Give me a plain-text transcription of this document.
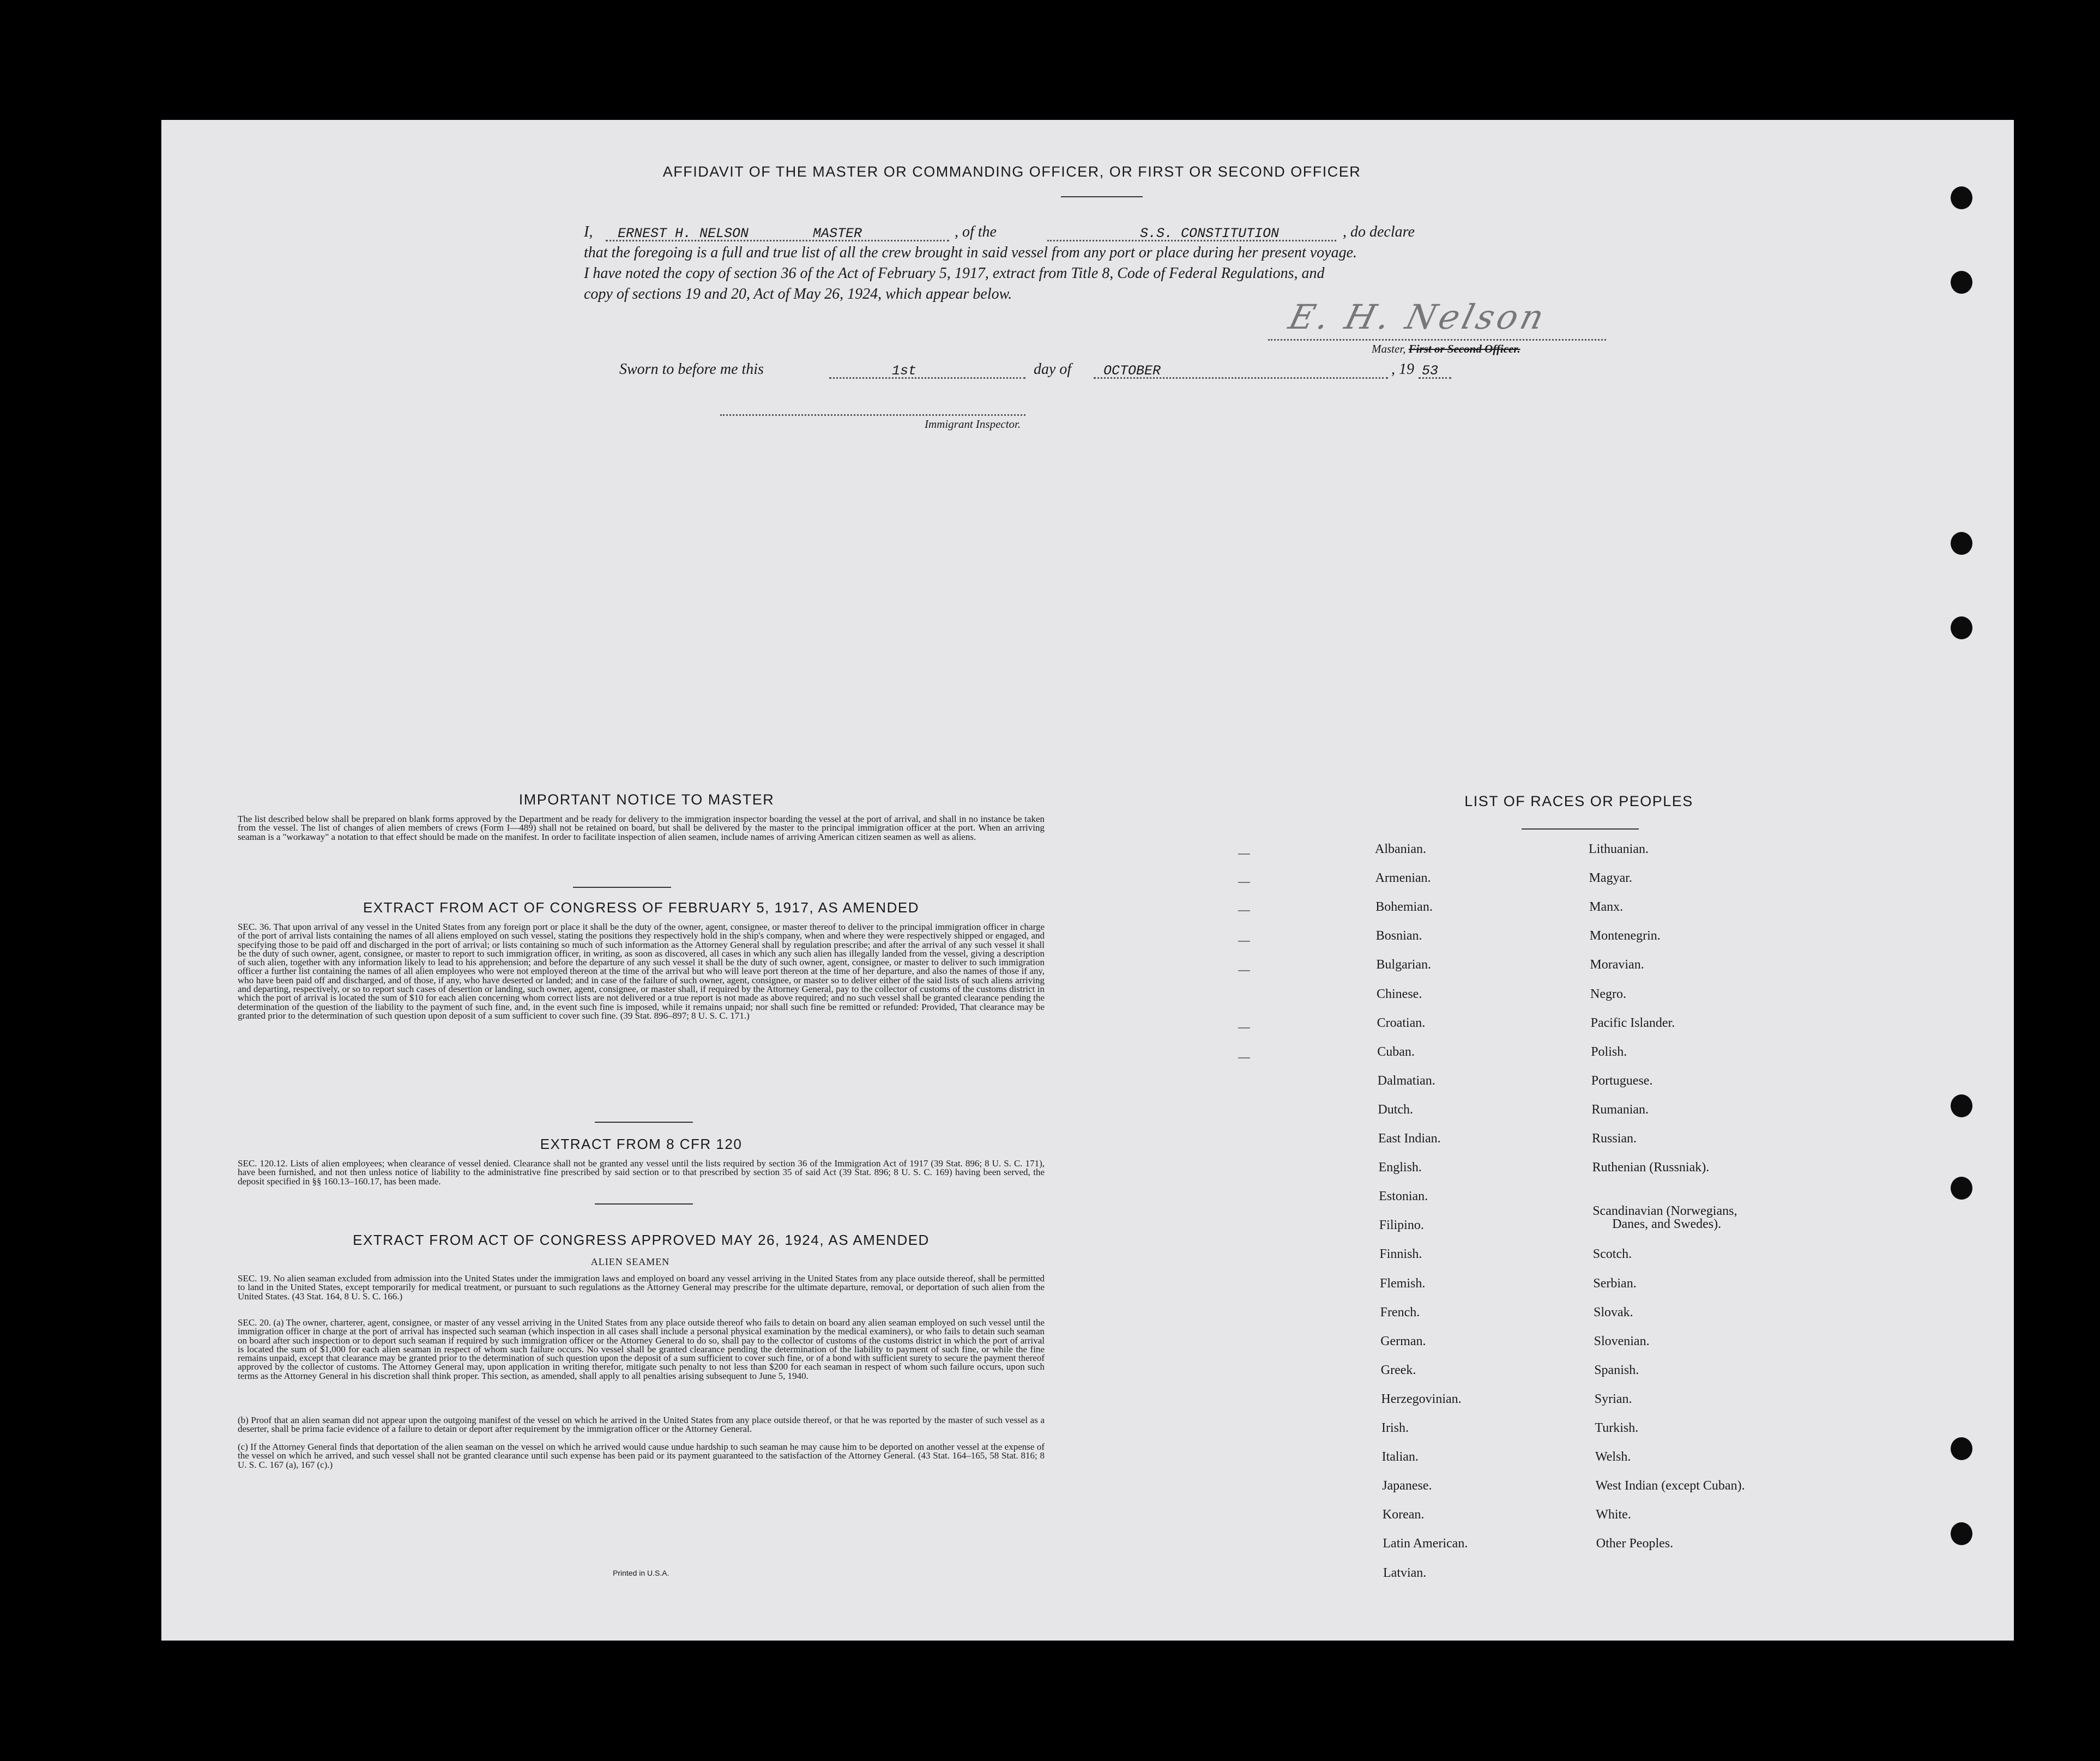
AFFIDAVIT OF THE MASTER OR COMMANDING OFFICER, OR FIRST OR SECOND OFFICER
I, ERNEST H. NELSON	MASTER	, of the	S.S. CONSTITUTION	, do declare
that the foregoing is a full and true list of all the crew brought in said vessel from any port or place during her present voyage.
I have noted the copy of section 36 of the Act of February 5, 1917, extract from Title 8, Code of Federal Regulations, and
copy of sections 19 and 20, Act of May 26, 1924, which appear below.
E. H. Nelson
Master, First or Second Officer.
Sworn to before me this	1st	day of OCTOBER	, 19 53
Immigrant Inspector.
IMPORTANT NOTICE TO MASTER
The list described below shall be prepared on blank forms approved by the Department and be ready for delivery to the immigration inspector boarding the vessel at the port of arrival, and shall in no instance be taken from the vessel. The list of changes of alien members of crews (Form I—489) shall not be retained on board, but shall be delivered by the master to the principal immigration officer at the port. When an arriving seaman is a "workaway" a notation to that effect should be made on the manifest. In order to facilitate inspection of alien seamen, include names of arriving American citizen seamen as well as aliens.
EXTRACT FROM ACT OF CONGRESS OF FEBRUARY 5, 1917, AS AMENDED
SEC. 36. That upon arrival of any vessel in the United States from any foreign port or place it shall be the duty of the owner, agent, consignee, or master thereof to deliver to the principal immigration officer in charge of the port of arrival lists containing the names of all aliens employed on such vessel, stating the positions they respectively hold in the ship's company, when and where they were respectively shipped or engaged, and specifying those to be paid off and discharged in the port of arrival; or lists containing so much of such information as the Attorney General shall by regulation prescribe; and after the arrival of any such vessel it shall be the duty of such owner, agent, consignee, or master to report to such immigration officer, in writing, as soon as discovered, all cases in which any such alien has illegally landed from the vessel, giving a description of such alien, together with any information likely to lead to his apprehension; and before the departure of any such vessel it shall be the duty of such owner, agent, consignee, or master to deliver to such immigration officer a further list containing the names of all alien employees who were not employed thereon at the time of the arrival but who will leave port thereon at the time of her departure, and also the names of those if any, who have been paid off and discharged, and of those, if any, who have deserted or landed; and in case of the failure of such owner, agent, consignee, or master so to deliver either of the said lists of such aliens arriving and departing, respectively, or so to report such cases of desertion or landing, such owner, agent, consignee, or master shall, if required by the Attorney General, pay to the collector of customs of the customs district in which the port of arrival is located the sum of $10 for each alien concerning whom correct lists are not delivered or a true report is not made as above required; and no such vessel shall be granted clearance pending the determination of the question of the liability to the payment of such fine, and, in the event such fine is imposed, while it remains unpaid; nor shall such fine be remitted or refunded: Provided, That clearance may be granted prior to the determination of such question upon deposit of a sum sufficient to cover such fine. (39 Stat. 896–897; 8 U. S. C. 171.)
EXTRACT FROM 8 CFR 120
SEC. 120.12. Lists of alien employees; when clearance of vessel denied. Clearance shall not be granted any vessel until the lists required by section 36 of the Immigration Act of 1917 (39 Stat. 896; 8 U. S. C. 171), have been furnished, and not then unless notice of liability to the administrative fine prescribed by said section or to that prescribed by section 35 of said Act (39 Stat. 896; 8 U. S. C. 169) having been served, the deposit specified in §§ 160.13–160.17, has been made.
EXTRACT FROM ACT OF CONGRESS APPROVED MAY 26, 1924, AS AMENDED
ALIEN SEAMEN
SEC. 19. No alien seaman excluded from admission into the United States under the immigration laws and employed on board any vessel arriving in the United States from any place outside thereof, shall be permitted to land in the United States, except temporarily for medical treatment, or pursuant to such regulations as the Attorney General may prescribe for the ultimate departure, removal, or deportation of such alien from the United States. (43 Stat. 164, 8 U. S. C. 166.)
SEC. 20. (a) The owner, charterer, agent, consignee, or master of any vessel arriving in the United States from any place outside thereof who fails to detain on board any alien seaman employed on such vessel until the immigration officer in charge at the port of arrival has inspected such seaman (which inspection in all cases shall include a personal physical examination by the medical examiners), or who fails to detain such seaman on board after such inspection or to deport such seaman if required by such immigration officer or the Attorney General to do so, shall pay to the collector of customs of the customs district in which the port of arrival is located the sum of $1,000 for each alien seaman in respect of whom such failure occurs. No vessel shall be granted clearance pending the determination of the liability to payment of such fine, or while the fine remains unpaid, except that clearance may be granted prior to the determination of such question upon the deposit of a sum sufficient to cover such fine, or of a bond with sufficient surety to secure the payment thereof approved by the collector of customs. The Attorney General may, upon application in writing therefor, mitigate such penalty to not less than $200 for each seaman in respect of whom such failure occurs, upon such terms as the Attorney General in his discretion shall think proper. This section, as amended, shall apply to all penalties arising subsequent to June 5, 1940.
(b) Proof that an alien seaman did not appear upon the outgoing manifest of the vessel on which he arrived in the United States from any place outside thereof, or that he was reported by the master of such vessel as a deserter, shall be prima facie evidence of a failure to detain or deport after requirement by the immigration officer or the Attorney General.
(c) If the Attorney General finds that deportation of the alien seaman on the vessel on which he arrived would cause undue hardship to such seaman he may cause him to be deported on another vessel at the expense of the vessel on which he arrived, and such vessel shall not be granted clearance until such expense has been paid or its payment guaranteed to the satisfaction of the Attorney General. (43 Stat. 164–165, 58 Stat. 816; 8 U. S. C. 167 (a), 167 (c).)
Printed in U.S.A.
LIST OF RACES OR PEOPLES
Albanian.
Armenian.
Bohemian.
Bosnian.
Bulgarian.
Chinese.
Croatian.
Cuban.
Dalmatian.
Dutch.
East Indian.
English.
Estonian.
Filipino.
Finnish.
Flemish.
French.
German.
Greek.
Herzegovinian.
Irish.
Italian.
Japanese.
Korean.
Latin American.
Latvian.
Lithuanian.
Magyar.
Manx.
Montenegrin.
Moravian.
Negro.
Pacific Islander.
Polish.
Portuguese.
Rumanian.
Russian.
Ruthenian (Russniak).
Scandinavian (Norwegians,
Danes, and Swedes).
Scotch.
Serbian.
Slovak.
Slovenian.
Spanish.
Syrian.
Turkish.
Welsh.
West Indian (except Cuban).
White.
Other Peoples.
